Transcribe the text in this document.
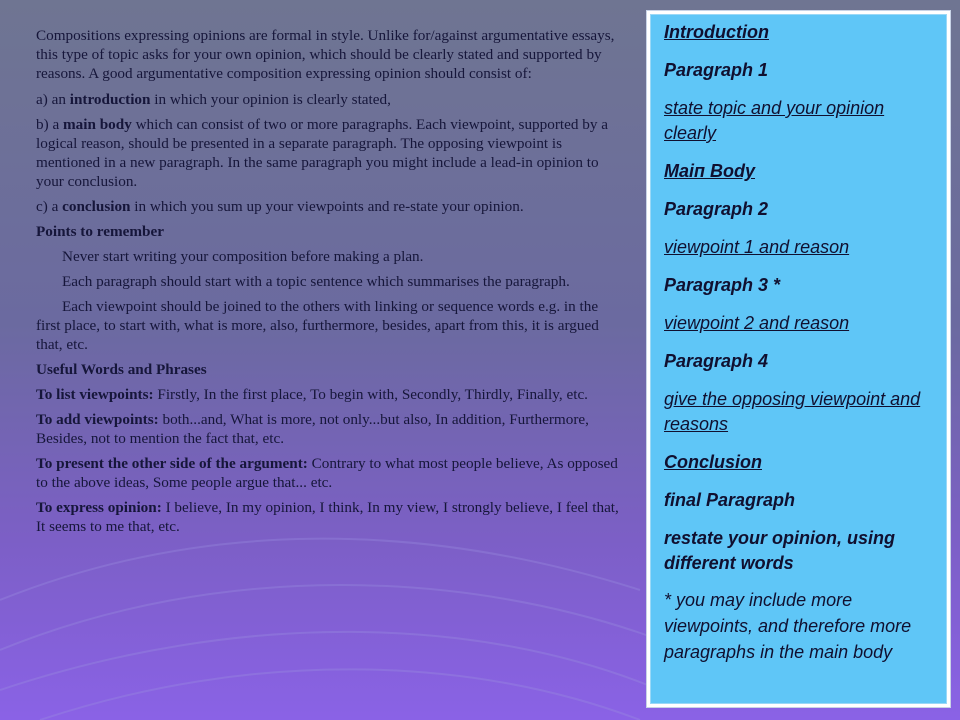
Compositions expressing opinions are formal in style. Unlike for/against argumentative essays, this type of topic asks for your own opinion, which should be clearly stated and supported by reasons. A good argumentative composition expressing opinion should consist of:

a) an introduction in which your opinion is clearly stated,

b) a main body which can consist of two or more paragraphs. Each viewpoint, supported by a logical reason, should be presented in a separate paragraph. The opposing viewpoint is mentioned in a new paragraph. In the same paragraph you might include a lead-in opinion to your conclusion.

c) a conclusion in which you sum up your viewpoints and re-state your opinion.

Points to remember

Never start writing your composition before making a plan.

Each paragraph should start with a topic sentence which summarises the paragraph.

Each viewpoint should be joined to the others with linking or sequence words e.g. in the first place, to start with, what is more, also, furthermore, besides, apart from this, it is argued that, etc.

Useful Words and Phrases

To list viewpoints: Firstly, In the first place, To begin with, Secondly, Thirdly, Finally, etc.

To add viewpoints: both...and, What is more, not only...but also, In addition, Furthermore, Besides, not to mention the fact that, etc.

To present the other side of the argument: Contrary to what most people believe, As opposed to the above ideas, Some people argue that... etc.

To express opinion: I believe, In my opinion, I think, In my view, I strongly believe, I feel that, It seems to me that, etc.

Introduction
Paragraph 1
state topic and your opinion clearly
Maiп Body
Paragraph 2
viewpoint 1 and reason
Paragraph 3 *
viewpoint 2 and reason
Paragraph 4
give the opposing viewpoint and reasons
Conclusion
final Paragraph
restate your opinion, using different words
* you may include more viewpoints, and therefore more paragraphs in the main body
